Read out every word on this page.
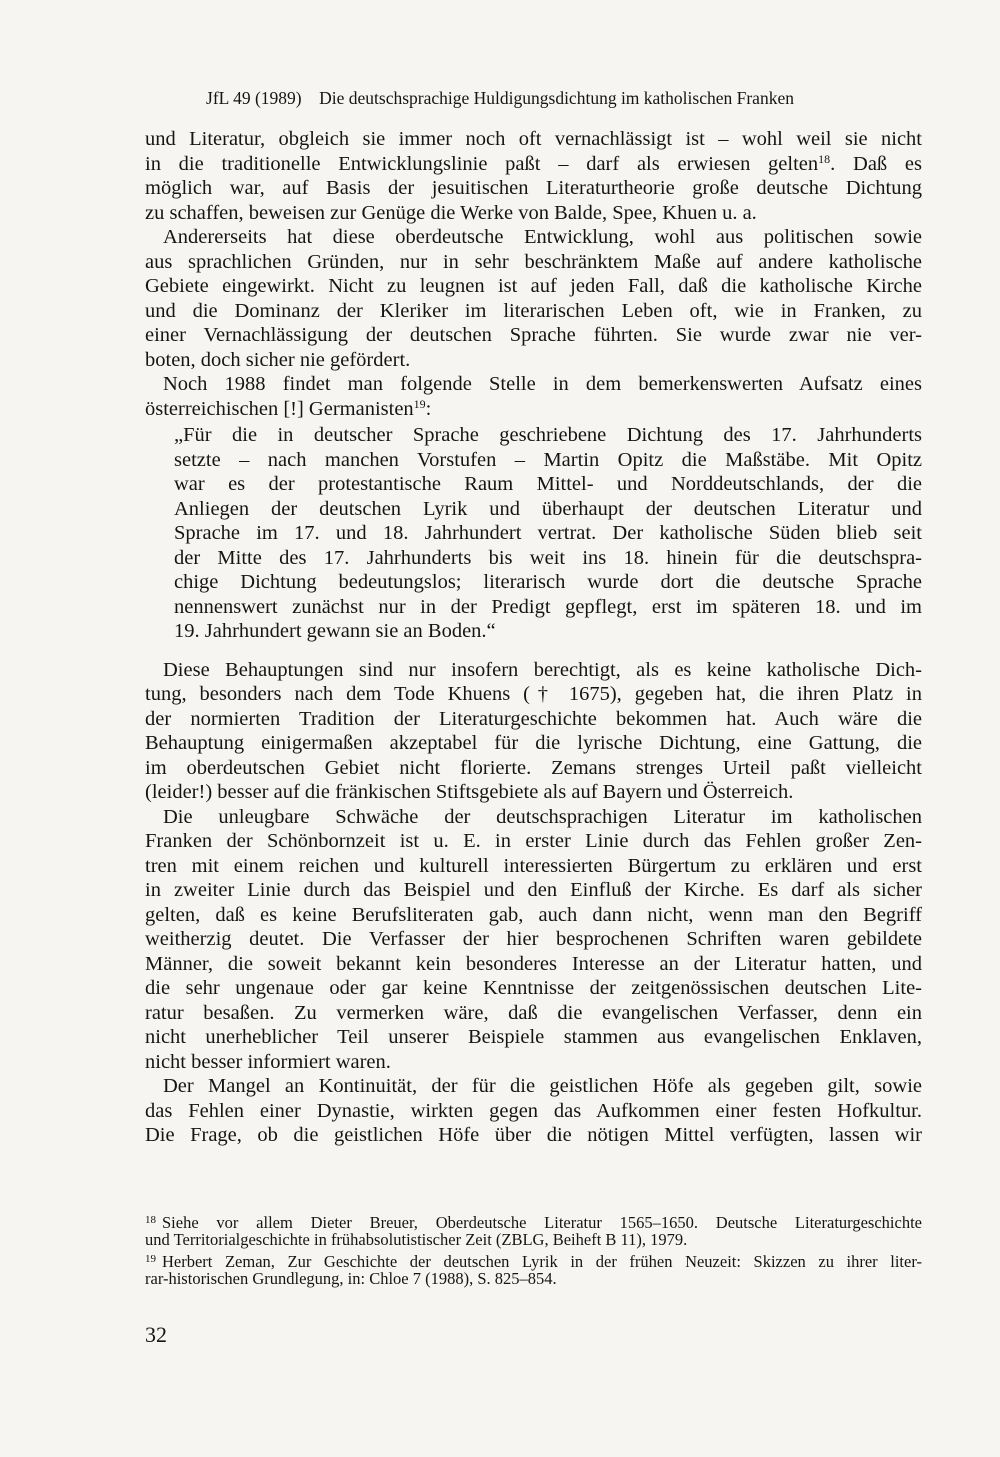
JfL 49 (1989) Die deutschsprachige Huldigungsdichtung im katholischen Franken
und Literatur, obgleich sie immer noch oft vernachlässigt ist – wohl weil sie nicht
in die traditionelle Entwicklungslinie paßt – darf als erwiesen gelten$^{18}$. Daß es
möglich war, auf Basis der jesuitischen Literaturtheorie große deutsche Dichtung
zu schaffen, beweisen zur Genüge die Werke von Balde, Spee, Khuen u. a.
Andererseits hat diese oberdeutsche Entwicklung, wohl aus politischen sowie
aus sprachlichen Gründen, nur in sehr beschränktem Maße auf andere katholische
Gebiete eingewirkt. Nicht zu leugnen ist auf jeden Fall, daß die katholische Kirche
und die Dominanz der Kleriker im literarischen Leben oft, wie in Franken, zu
einer Vernachlässigung der deutschen Sprache führten. Sie wurde zwar nie ver-
boten, doch sicher nie gefördert.
Noch 1988 findet man folgende Stelle in dem bemerkenswerten Aufsatz eines
österreichischen [!] Germanisten$^{19}$:
„Für die in deutscher Sprache geschriebene Dichtung des 17. Jahrhunderts
setzte – nach manchen Vorstufen – Martin Opitz die Maßstäbe. Mit Opitz
war es der protestantische Raum Mittel- und Norddeutschlands, der die
Anliegen der deutschen Lyrik und überhaupt der deutschen Literatur und
Sprache im 17. und 18. Jahrhundert vertrat. Der katholische Süden blieb seit
der Mitte des 17. Jahrhunderts bis weit ins 18. hinein für die deutschspra-
chige Dichtung bedeutungslos; literarisch wurde dort die deutsche Sprache
nennenswert zunächst nur in der Predigt gepflegt, erst im späteren 18. und im
19. Jahrhundert gewann sie an Boden.“
Diese Behauptungen sind nur insofern berechtigt, als es keine katholische Dich-
tung, besonders nach dem Tode Khuens († 1675), gegeben hat, die ihren Platz in
der normierten Tradition der Literaturgeschichte bekommen hat. Auch wäre die
Behauptung einigermaßen akzeptabel für die lyrische Dichtung, eine Gattung, die
im oberdeutschen Gebiet nicht florierte. Zemans strenges Urteil paßt vielleicht
(leider!) besser auf die fränkischen Stiftsgebiete als auf Bayern und Österreich.
Die unleugbare Schwäche der deutschsprachigen Literatur im katholischen
Franken der Schönbornzeit ist u. E. in erster Linie durch das Fehlen großer Zen-
tren mit einem reichen und kulturell interessierten Bürgertum zu erklären und erst
in zweiter Linie durch das Beispiel und den Einfluß der Kirche. Es darf als sicher
gelten, daß es keine Berufsliteraten gab, auch dann nicht, wenn man den Begriff
weitherzig deutet. Die Verfasser der hier besprochenen Schriften waren gebildete
Männer, die soweit bekannt kein besonderes Interesse an der Literatur hatten, und
die sehr ungenaue oder gar keine Kenntnisse der zeitgenössischen deutschen Lite-
ratur besaßen. Zu vermerken wäre, daß die evangelischen Verfasser, denn ein
nicht unerheblicher Teil unserer Beispiele stammen aus evangelischen Enklaven,
nicht besser informiert waren.
Der Mangel an Kontinuität, der für die geistlichen Höfe als gegeben gilt, sowie
das Fehlen einer Dynastie, wirkten gegen das Aufkommen einer festen Hofkultur.
Die Frage, ob die geistlichen Höfe über die nötigen Mittel verfügten, lassen wir
$^{18}$ Siehe vor allem Dieter Breuer, Oberdeutsche Literatur 1565–1650. Deutsche Literaturgeschichte
und Territorialgeschichte in frühabsolutistischer Zeit (ZBLG, Beiheft B 11), 1979.
$^{19}$ Herbert Zeman, Zur Geschichte der deutschen Lyrik in der frühen Neuzeit: Skizzen zu ihrer liter-
rar-historischen Grundlegung, in: Chloe 7 (1988), S. 825–854.
32
